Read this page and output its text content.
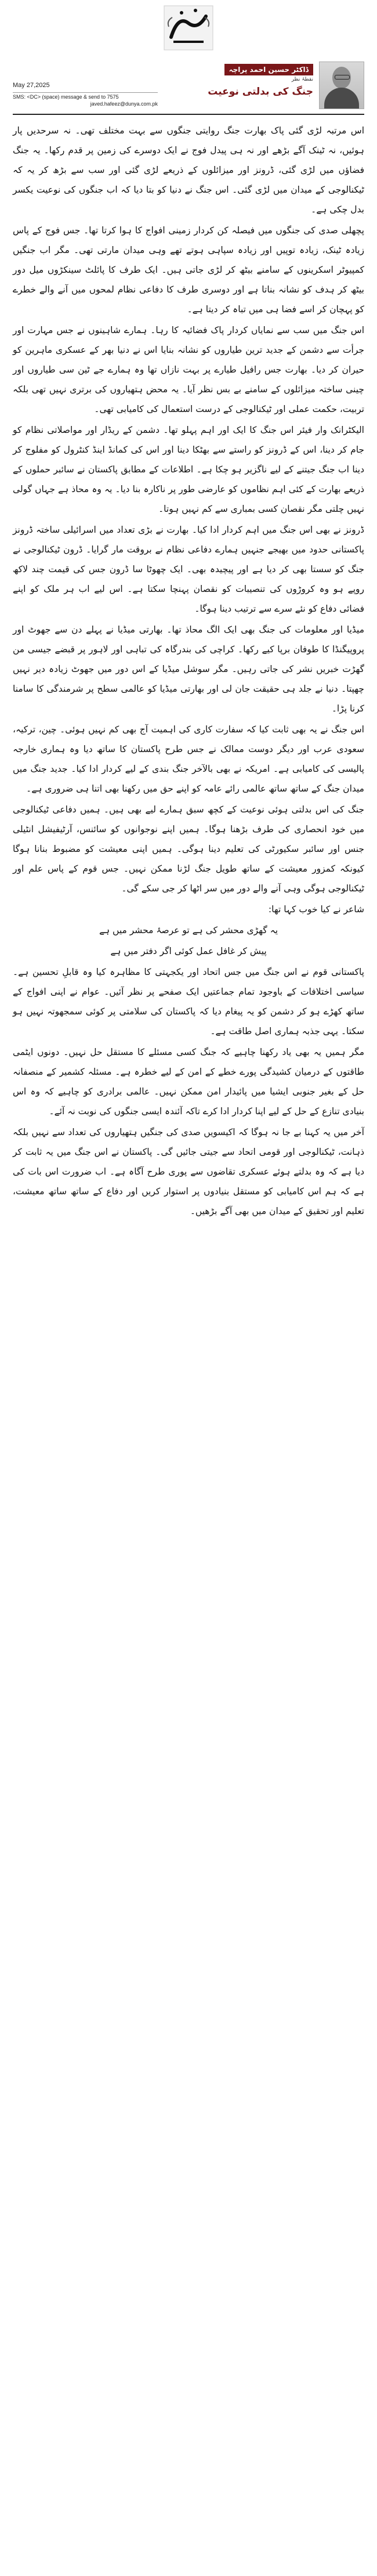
May 27,2025
SMS: <DC> (space) message & send to 7575
javed.hafeez@dunya.com.pk
ڈاکٹر حسین احمد پراچہ
نقطۂ نظر
جنگ کی بدلتی نوعیت

اس مرتبہ لڑی گئی پاک بھارت جنگ روایتی جنگوں سے بہت مختلف تھی۔ نہ سرحدیں پار ہوئیں، نہ ٹینک آگے بڑھے اور نہ ہی پیدل فوج نے ایک دوسرے کی زمین پر قدم رکھا۔ یہ جنگ فضاؤں میں لڑی گئی، ڈرونز اور میزائلوں کے ذریعے لڑی گئی اور سب سے بڑھ کر یہ کہ ٹیکنالوجی کے میدان میں لڑی گئی۔ اس جنگ نے دنیا کو بتا دیا کہ اب جنگوں کی نوعیت یکسر بدل چکی ہے۔

پچھلی صدی کی جنگوں میں فیصلہ کن کردار زمینی افواج کا ہوا کرتا تھا۔ جس فوج کے پاس زیادہ ٹینک، زیادہ توپیں اور زیادہ سپاہی ہوتے تھے وہی میدان مارتی تھی۔ مگر اب جنگیں کمپیوٹر اسکرینوں کے سامنے بیٹھ کر لڑی جاتی ہیں۔ ایک طرف کا پائلٹ سینکڑوں میل دور بیٹھ کر ہدف کو نشانہ بناتا ہے اور دوسری طرف کا دفاعی نظام لمحوں میں آنے والے خطرے کو پہچان کر اسے فضا ہی میں تباہ کر دیتا ہے۔

اس جنگ میں سب سے نمایاں کردار پاک فضائیہ کا رہا۔ ہمارے شاہینوں نے جس مہارت اور جرأت سے دشمن کے جدید ترین طیاروں کو نشانہ بنایا اس نے دنیا بھر کے عسکری ماہرین کو حیران کر دیا۔ بھارت جس رافیل طیارے پر بہت نازاں تھا وہ ہمارے جے ٹین سی طیاروں اور چینی ساختہ میزائلوں کے سامنے بے بس نظر آیا۔ یہ محض ہتھیاروں کی برتری نہیں تھی بلکہ تربیت، حکمت عملی اور ٹیکنالوجی کے درست استعمال کی کامیابی تھی۔

الیکٹرانک وار فیئر اس جنگ کا ایک اور اہم پہلو تھا۔ دشمن کے ریڈار اور مواصلاتی نظام کو جام کر دینا، اس کے ڈرونز کو راستے سے بھٹکا دینا اور اس کی کمانڈ اینڈ کنٹرول کو مفلوج کر دینا اب جنگ جیتنے کے لیے ناگزیر ہو چکا ہے۔ اطلاعات کے مطابق پاکستان نے سائبر حملوں کے ذریعے بھارت کے کئی اہم نظاموں کو عارضی طور پر ناکارہ بنا دیا۔ یہ وہ محاذ ہے جہاں گولی نہیں چلتی مگر نقصان کسی بمباری سے کم نہیں ہوتا۔

ڈرونز نے بھی اس جنگ میں اہم کردار ادا کیا۔ بھارت نے بڑی تعداد میں اسرائیلی ساختہ ڈرونز پاکستانی حدود میں بھیجے جنہیں ہمارے دفاعی نظام نے بروقت مار گرایا۔ ڈرون ٹیکنالوجی نے جنگ کو سستا بھی کر دیا ہے اور پیچیدہ بھی۔ ایک چھوٹا سا ڈرون جس کی قیمت چند لاکھ روپے ہو وہ کروڑوں کی تنصیبات کو نقصان پہنچا سکتا ہے۔ اس لیے اب ہر ملک کو اپنے فضائی دفاع کو نئے سرے سے ترتیب دینا ہوگا۔

میڈیا اور معلومات کی جنگ بھی ایک الگ محاذ تھا۔ بھارتی میڈیا نے پہلے دن سے جھوٹ اور پروپیگنڈا کا طوفان برپا کیے رکھا۔ کراچی کی بندرگاہ کی تباہی اور لاہور پر قبضے جیسی من گھڑت خبریں نشر کی جاتی رہیں۔ مگر سوشل میڈیا کے اس دور میں جھوٹ زیادہ دیر نہیں چھپتا۔ دنیا نے جلد ہی حقیقت جان لی اور بھارتی میڈیا کو عالمی سطح پر شرمندگی کا سامنا کرنا پڑا۔

اس جنگ نے یہ بھی ثابت کیا کہ سفارت کاری کی اہمیت آج بھی کم نہیں ہوئی۔ چین، ترکیہ، سعودی عرب اور دیگر دوست ممالک نے جس طرح پاکستان کا ساتھ دیا وہ ہماری خارجہ پالیسی کی کامیابی ہے۔ امریکہ نے بھی بالآخر جنگ بندی کے لیے کردار ادا کیا۔ جدید جنگ میں میدان جنگ کے ساتھ ساتھ عالمی رائے عامہ کو اپنے حق میں رکھنا بھی اتنا ہی ضروری ہے۔

جنگ کی اس بدلتی ہوئی نوعیت کے کچھ سبق ہمارے لیے بھی ہیں۔ ہمیں دفاعی ٹیکنالوجی میں خود انحصاری کی طرف بڑھنا ہوگا۔ ہمیں اپنے نوجوانوں کو سائنس، آرٹیفیشل انٹیلی جنس اور سائبر سکیورٹی کی تعلیم دینا ہوگی۔ ہمیں اپنی معیشت کو مضبوط بنانا ہوگا کیونکہ کمزور معیشت کے ساتھ طویل جنگ لڑنا ممکن نہیں۔ جس قوم کے پاس علم اور ٹیکنالوجی ہوگی وہی آنے والے دور میں سر اٹھا کر جی سکے گی۔

شاعر نے کیا خوب کہا تھا:

یہ گھڑی محشر کی ہے تو عرصۂ محشر میں ہے

پیش کر غافل عمل کوئی اگر دفتر میں ہے

پاکستانی قوم نے اس جنگ میں جس اتحاد اور یکجہتی کا مظاہرہ کیا وہ قابلِ تحسین ہے۔ سیاسی اختلافات کے باوجود تمام جماعتیں ایک صفحے پر نظر آئیں۔ عوام نے اپنی افواج کے ساتھ کھڑے ہو کر دشمن کو یہ پیغام دیا کہ پاکستان کی سلامتی پر کوئی سمجھوتہ نہیں ہو سکتا۔ یہی جذبہ ہماری اصل طاقت ہے۔

مگر ہمیں یہ بھی یاد رکھنا چاہیے کہ جنگ کسی مسئلے کا مستقل حل نہیں۔ دونوں ایٹمی طاقتوں کے درمیان کشیدگی پورے خطے کے امن کے لیے خطرہ ہے۔ مسئلہ کشمیر کے منصفانہ حل کے بغیر جنوبی ایشیا میں پائیدار امن ممکن نہیں۔ عالمی برادری کو چاہیے کہ وہ اس بنیادی تنازع کے حل کے لیے اپنا کردار ادا کرے تاکہ آئندہ ایسی جنگوں کی نوبت نہ آئے۔

آخر میں یہ کہنا بے جا نہ ہوگا کہ اکیسویں صدی کی جنگیں ہتھیاروں کی تعداد سے نہیں بلکہ ذہانت، ٹیکنالوجی اور قومی اتحاد سے جیتی جائیں گی۔ پاکستان نے اس جنگ میں یہ ثابت کر دیا ہے کہ وہ بدلتے ہوئے عسکری تقاضوں سے پوری طرح آگاہ ہے۔ اب ضرورت اس بات کی ہے کہ ہم اس کامیابی کو مستقل بنیادوں پر استوار کریں اور دفاع کے ساتھ ساتھ معیشت، تعلیم اور تحقیق کے میدان میں بھی آگے بڑھیں۔
